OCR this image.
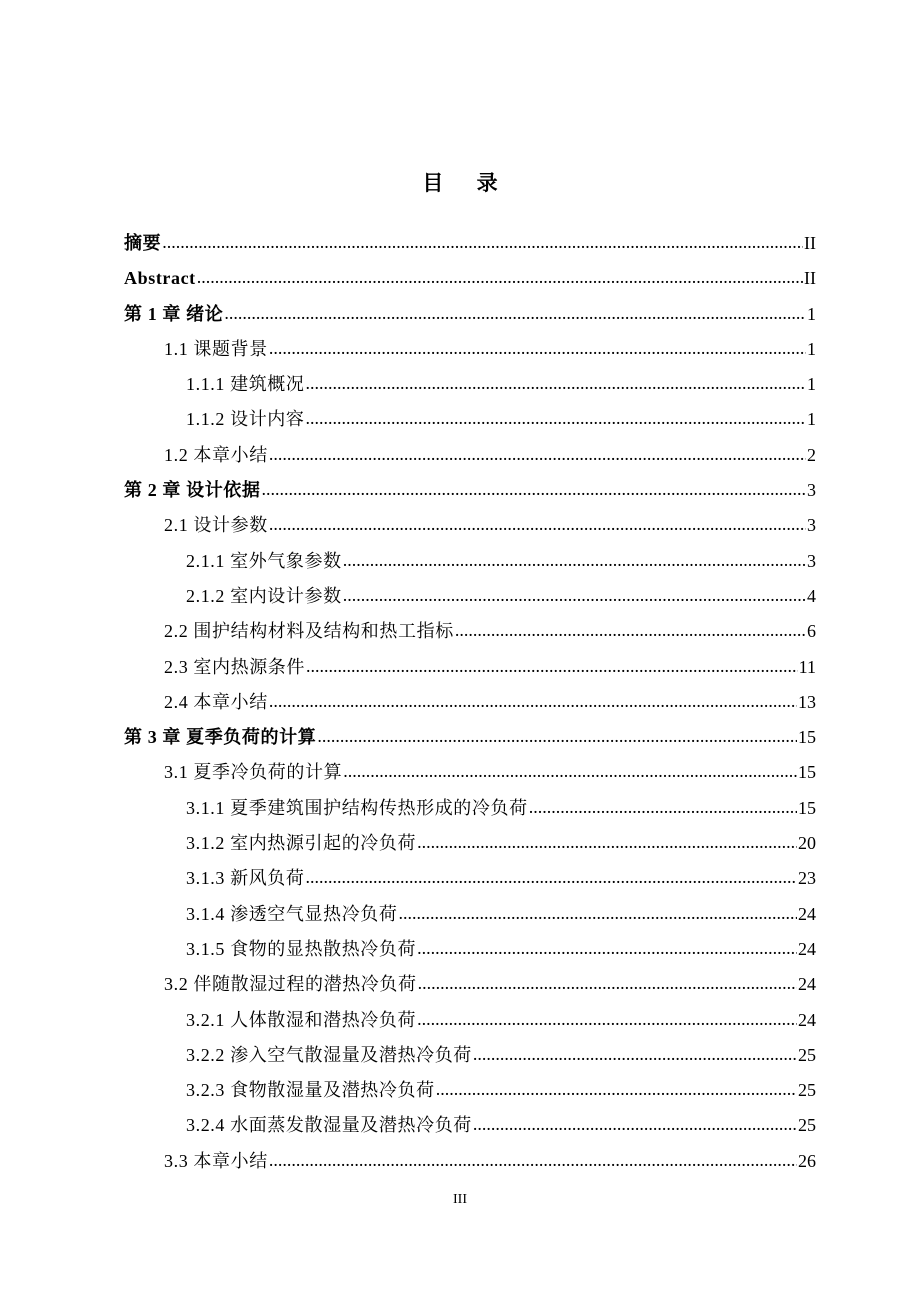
目 录
摘要 .....	II
Abstract .....	II
第 1 章 绪论 .....	1
1.1 课题背景 .....	1
1.1.1 建筑概况 .....	1
1.1.2 设计内容 .....	1
1.2 本章小结 .....	2
第 2 章 设计依据 .....	3
2.1 设计参数 .....	3
2.1.1 室外气象参数 .....	3
2.1.2 室内设计参数 .....	4
2.2 围护结构材料及结构和热工指标 .....	6
2.3 室内热源条件 .....	11
2.4 本章小结 .....	13
第 3 章 夏季负荷的计算 .....	15
3.1 夏季冷负荷的计算 .....	15
3.1.1 夏季建筑围护结构传热形成的冷负荷 .....	15
3.1.2 室内热源引起的冷负荷 .....	20
3.1.3 新风负荷 .....	23
3.1.4 渗透空气显热冷负荷 .....	24
3.1.5 食物的显热散热冷负荷 .....	24
3.2 伴随散湿过程的潜热冷负荷 .....	24
3.2.1 人体散湿和潜热冷负荷 .....	24
3.2.2 渗入空气散湿量及潜热冷负荷 .....	25
3.2.3 食物散湿量及潜热冷负荷 .....	25
3.2.4 水面蒸发散湿量及潜热冷负荷 .....	25
3.3 本章小结 .....	26
III
